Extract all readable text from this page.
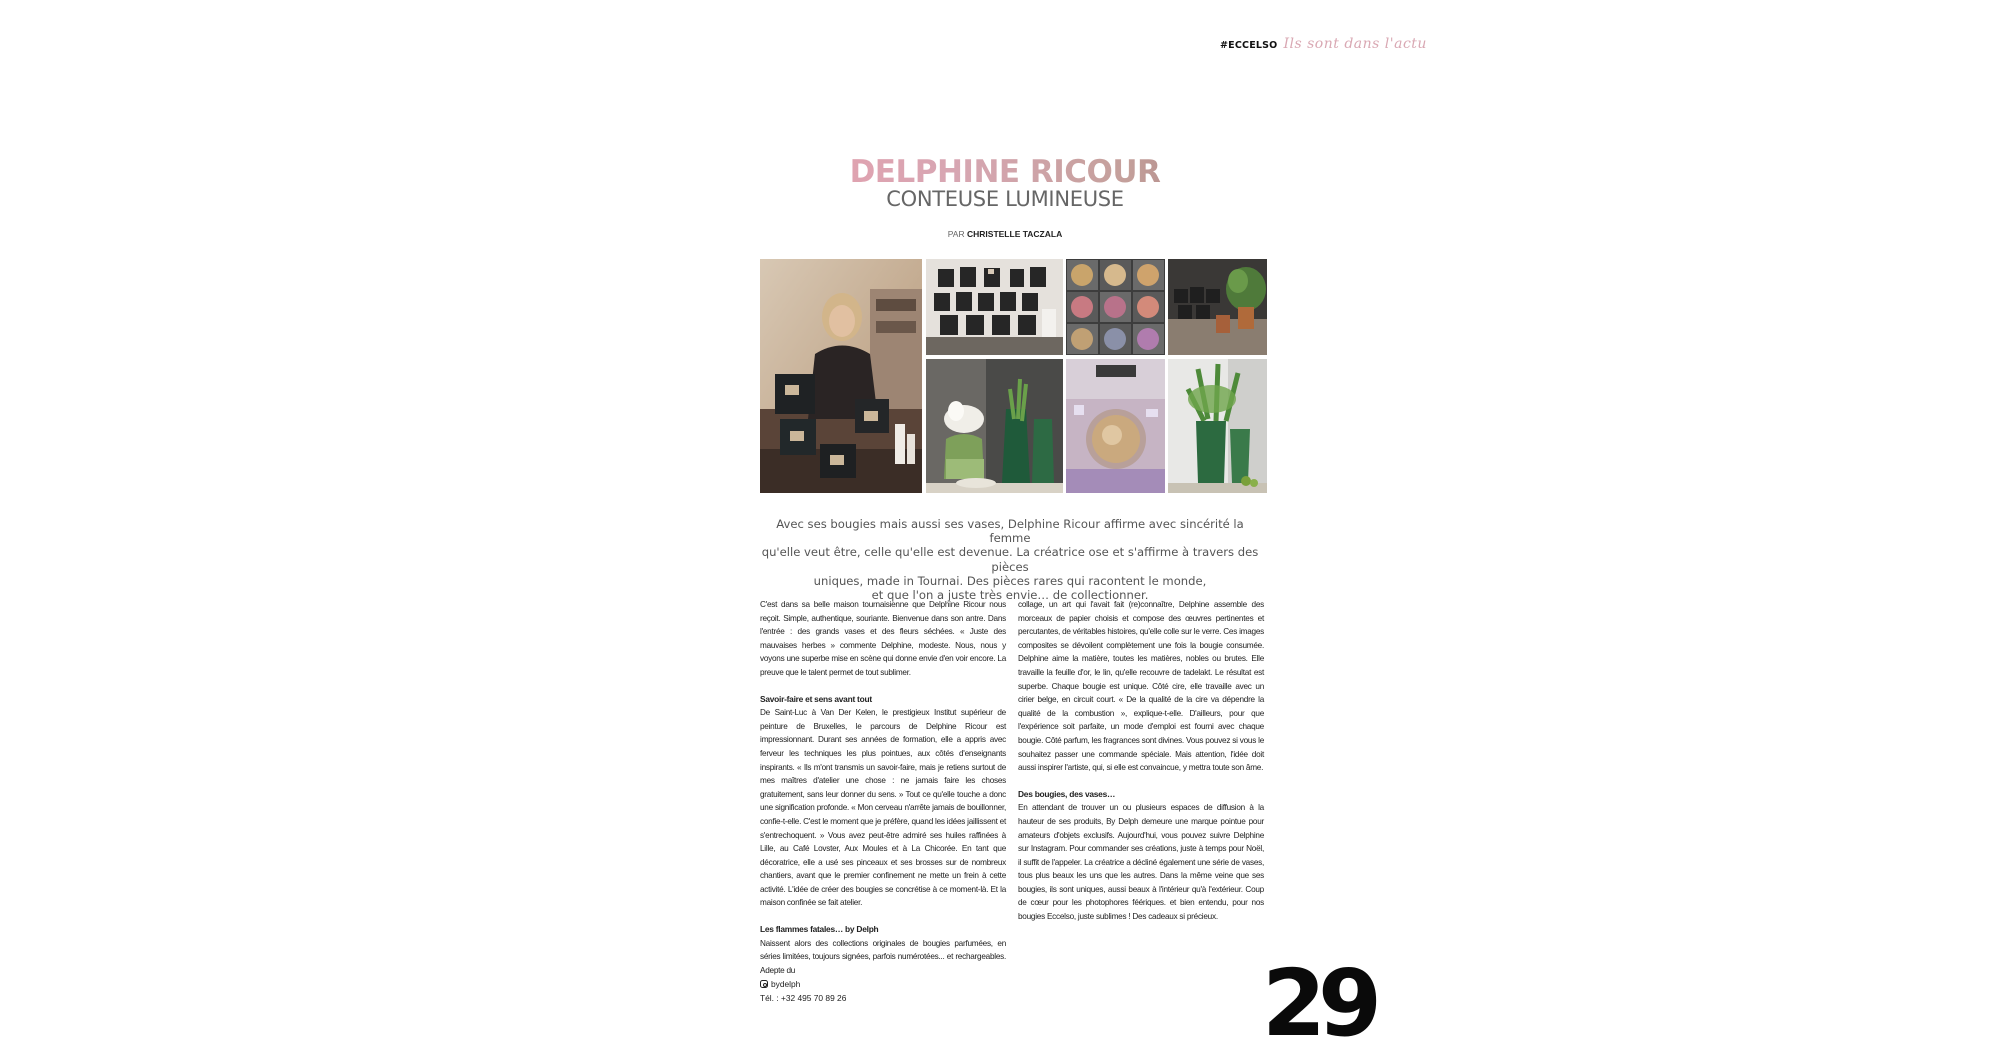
#ECCELSO Ils sont dans l'actu
DELPHINE RICOUR
CONTEUSE LUMINEUSE
PAR CHRISTELLE TACZALA
Avec ses bougies mais aussi ses vases, Delphine Ricour affirme avec sincérité la femme
qu'elle veut être, celle qu'elle est devenue. La créatrice ose et s'affirme à travers des pièces
uniques, made in Tournai. Des pièces rares qui racontent le monde,
et que l'on a juste très envie… de collectionner.

C'est dans sa belle maison tournaisienne que Delphine Ricour nous reçoit. Simple, authentique, souriante. Bienvenue dans son antre. Dans l'entrée : des grands vases et des fleurs séchées. « Juste des mauvaises herbes » commente Delphine, modeste. Nous, nous y voyons une superbe mise en scène qui donne envie d'en voir encore. La preuve que le talent permet de tout sublimer.

Savoir-faire et sens avant tout

De Saint-Luc à Van Der Kelen, le prestigieux Institut supérieur de peinture de Bruxelles, le parcours de Delphine Ricour est impressionnant. Durant ses années de formation, elle a appris avec ferveur les techniques les plus pointues, aux côtés d'enseignants inspirants. « Ils m'ont transmis un savoir-faire, mais je retiens surtout de mes maîtres d'atelier une chose : ne jamais faire les choses gratuitement, sans leur donner du sens. » Tout ce qu'elle touche a donc une signification profonde. « Mon cerveau n'arrête jamais de bouillonner, confie-t-elle. C'est le moment que je préfère, quand les idées jaillissent et s'entrechoquent. » Vous avez peut-être admiré ses huiles raffinées à Lille, au Café Lovster, Aux Moules et à La Chicorée. En tant que décoratrice, elle a usé ses pinceaux et ses brosses sur de nombreux chantiers, avant que le premier confinement ne mette un frein à cette activité. L'idée de créer des bougies se concrétise à ce moment-là. Et la maison confinée se fait atelier.

Les flammes fatales… by Delph

Naissent alors des collections originales de bougies parfumées, en séries limitées, toujours signées, parfois numérotées... et rechargeables. Adepte du

collage, un art qui l'avait fait (re)connaître, Delphine assemble des morceaux de papier choisis et compose des œuvres pertinentes et percutantes, de véritables histoires, qu'elle colle sur le verre. Ces images composites se dévoilent complètement une fois la bougie consumée. Delphine aime la matière, toutes les matières, nobles ou brutes. Elle travaille la feuille d'or, le lin, qu'elle recouvre de tadelakt. Le résultat est superbe. Chaque bougie est unique. Côté cire, elle travaille avec un cirier belge, en circuit court. « De la qualité de la cire va dépendre la qualité de la combustion », explique-t-elle. D'ailleurs, pour que l'expérience soit parfaite, un mode d'emploi est fourni avec chaque bougie. Côté parfum, les fragrances sont divines. Vous pouvez si vous le souhaitez passer une commande spéciale. Mais attention, l'idée doit aussi inspirer l'artiste, qui, si elle est convaincue, y mettra toute son âme.

Des bougies, des vases…

En attendant de trouver un ou plusieurs espaces de diffusion à la hauteur de ses produits, By Delph demeure une marque pointue pour amateurs d'objets exclusifs. Aujourd'hui, vous pouvez suivre Delphine sur Instagram. Pour commander ses créations, juste à temps pour Noël, il suffit de l'appeler. La créatrice a décliné également une série de vases, tous plus beaux les uns que les autres. Dans la même veine que ses bougies, ils sont uniques, aussi beaux à l'intérieur qu'à l'extérieur. Coup de cœur pour les photophores féériques. et bien entendu, pour nos bougies Eccelso, juste sublimes ! Des cadeaux si précieux.

bydelph
Tél. : +32 495 70 89 26	29
